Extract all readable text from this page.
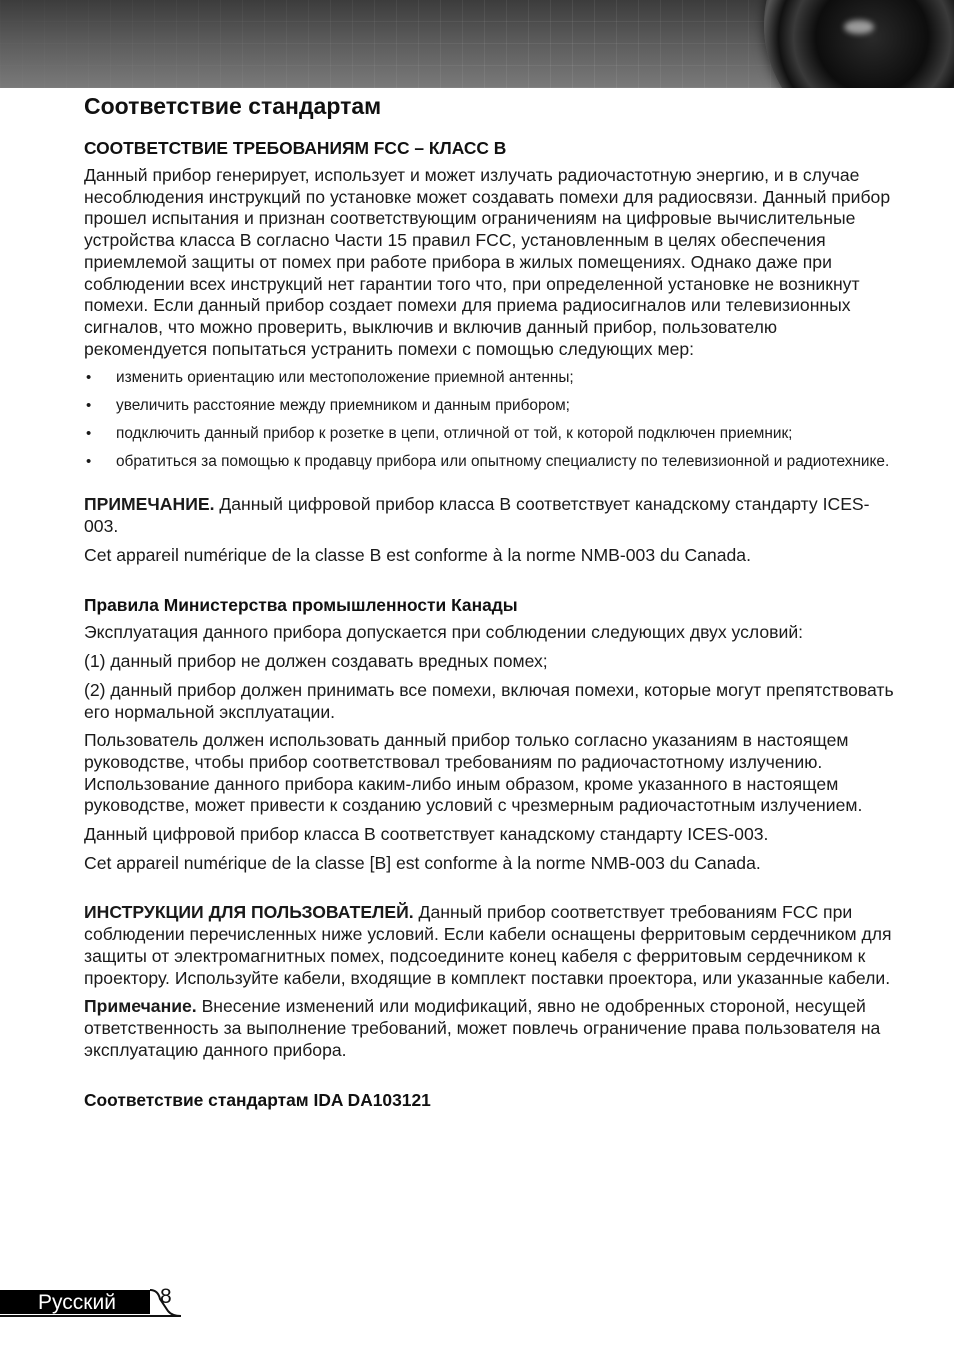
Соответствие стандартам
СООТВЕТСТВИЕ ТРЕБОВАНИЯМ FCC – КЛАСС B

Данный прибор генерирует, использует и может излучать радиочастотную энергию, и в случае несоблюдения инструкций по установке может создавать помехи для радиосвязи. Данный прибор прошел испытания и признан соответствующим ограничениям на цифровые вычислительные устройства класса B согласно Части 15 правил FCC, установленным в целях обеспечения приемлемой защиты от помех при работе прибора в жилых помещениях. Однако даже при соблюдении всех инструкций нет гарантии того что, при определенной установке не возникнут помехи. Если данный прибор создает помехи для приема радиосигналов или телевизионных сигналов, что можно проверить, выключив и включив данный прибор, пользователю рекомендуется попытаться устранить помехи с помощью следующих мер:

• изменить ориентацию или местоположение приемной антенны;
• увеличить расстояние между приемником и данным прибором;
• подключить данный прибор к розетке в цепи, отличной от той, к которой подключен приемник;
• обратиться за помощью к продавцу прибора или опытному специалисту по телевизионной и радиотехнике.

ПРИМЕЧАНИЕ. Данный цифровой прибор класса B соответствует канадскому стандарту ICES-003.

Cet appareil numérique de la classe B est conforme à la norme NMB-003 du Canada.

Правила Министерства промышленности Канады

Эксплуатация данного прибора допускается при соблюдении следующих двух условий:

(1) данный прибор не должен создавать вредных помех;

(2) данный прибор должен принимать все помехи, включая помехи, которые могут препятствовать его нормальной эксплуатации.

Пользователь должен использовать данный прибор только согласно указаниям в настоящем руководстве, чтобы прибор соответствовал требованиям по радиочастотному излучению. Использование данного прибора каким-либо иным образом, кроме указанного в настоящем руководстве, может привести к созданию условий с чрезмерным радиочастотным излучением.

Данный цифровой прибор класса B соответствует канадскому стандарту ICES-003.

Cet appareil numérique de la classe [B] est conforme à la norme NMB-003 du Canada.

ИНСТРУКЦИИ ДЛЯ ПОЛЬЗОВАТЕЛЕЙ. Данный прибор соответствует требованиям FCC при соблюдении перечисленных ниже условий. Если кабели оснащены ферритовым сердечником для защиты от электромагнитных помех, подсоедините конец кабеля с ферритовым сердечником к проектору. Используйте кабели, входящие в комплект поставки проектора, или указанные кабели.

Примечание. Внесение изменений или модификаций, явно не одобренных стороной, несущей ответственность за выполнение требований, может повлечь ограничение права пользователя на эксплуатацию данного прибора.

Соответствие стандартам IDA DA103121
Русский 8
